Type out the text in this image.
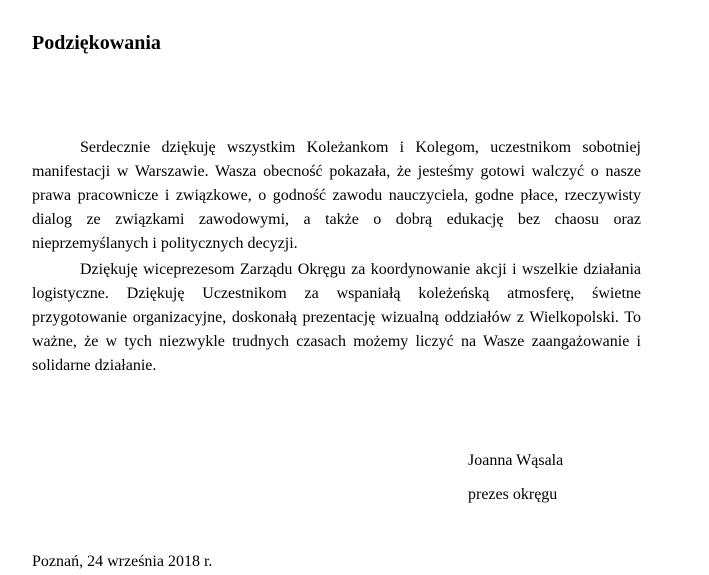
Podziękowania

Serdecznie dziękuję wszystkim Koleżankom i Kolegom, uczestnikom sobotniej manifestacji w Warszawie. Wasza obecność pokazała, że jesteśmy gotowi walczyć o nasze prawa pracownicze i związkowe, o godność zawodu nauczyciela, godne płace, rzeczywisty dialog ze związkami zawodowymi, a także o dobrą edukację bez chaosu oraz nieprzemyślanych i politycznych decyzji.

Dziękuję wiceprezesom Zarządu Okręgu za koordynowanie akcji i wszelkie działania logistyczne. Dziękuję Uczestnikom za wspaniałą koleżeńską atmosferę, świetne przygotowanie organizacyjne, doskonałą prezentację wizualną oddziałów z Wielkopolski. To ważne, że w tych niezwykle trudnych czasach możemy liczyć na Wasze zaangażowanie i solidarne działanie.

Joanna Wąsala
prezes okręgu
Poznań, 24 września 2018 r.
